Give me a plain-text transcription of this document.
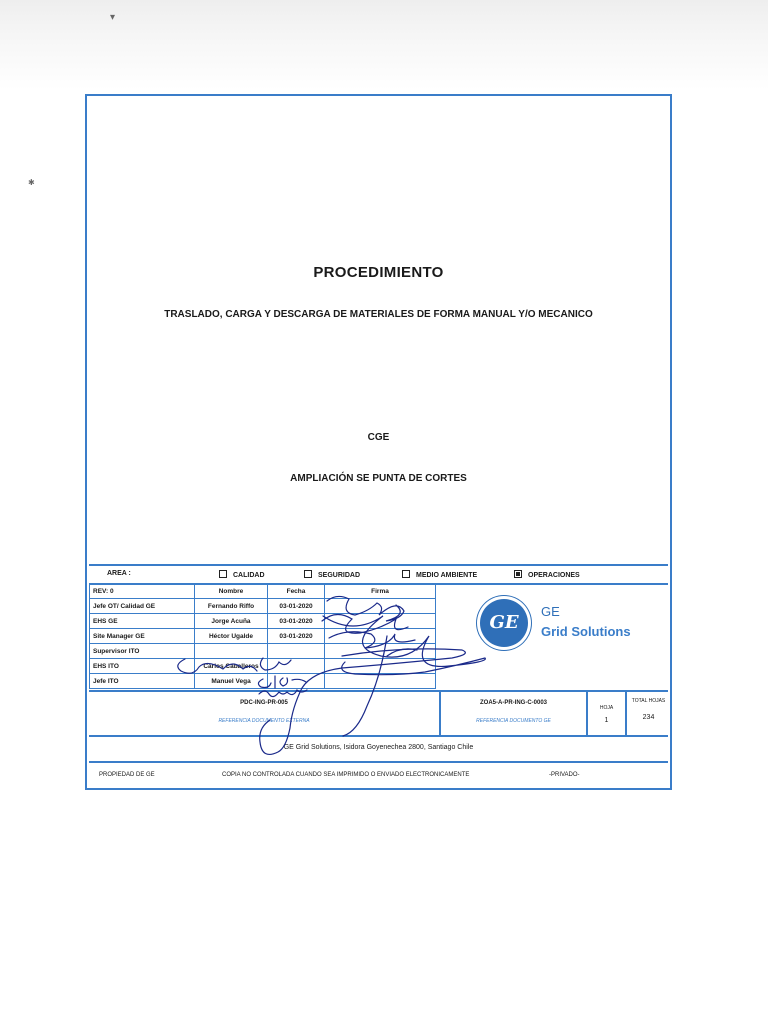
▾
✱
PROCEDIMIENTO
TRASLADO, CARGA Y DESCARGA DE MATERIALES DE FORMA MANUAL Y/O MECANICO
CGE
AMPLIACIÓN SE PUNTA DE CORTES
AREA :	CALIDAD	SEGURIDAD	MEDIO AMBIENTE	OPERACIONES
REV: 0	Nombre	Fecha	Firma
Jefe OT/ Calidad GE	Fernando Riffo	03-01-2020	
EHS GE	Jorge Acuña	03-01-2020	
Site Manager GE	Héctor Ugalde	03-01-2020	
Supervisor ITO			
EHS ITO	Carlos Caballeros		
Jefe ITO	Manuel Vega		
GE
GE
Grid Solutions
PDC-ING-PR-005
REFERENCIA DOCUMENTO EXTERNA
ZOA5-A-PR-ING-C-0003
REFERENCIA DOCUMENTO GE
HOJA
1
TOTAL HOJAS
234
GE Grid Solutions, Isidora Goyenechea 2800, Santiago Chile
PROPIEDAD DE GE	COPIA NO CONTROLADA CUANDO SEA IMPRIMIDO O ENVIADO ELECTRONICAMENTE	-PRIVADO-
